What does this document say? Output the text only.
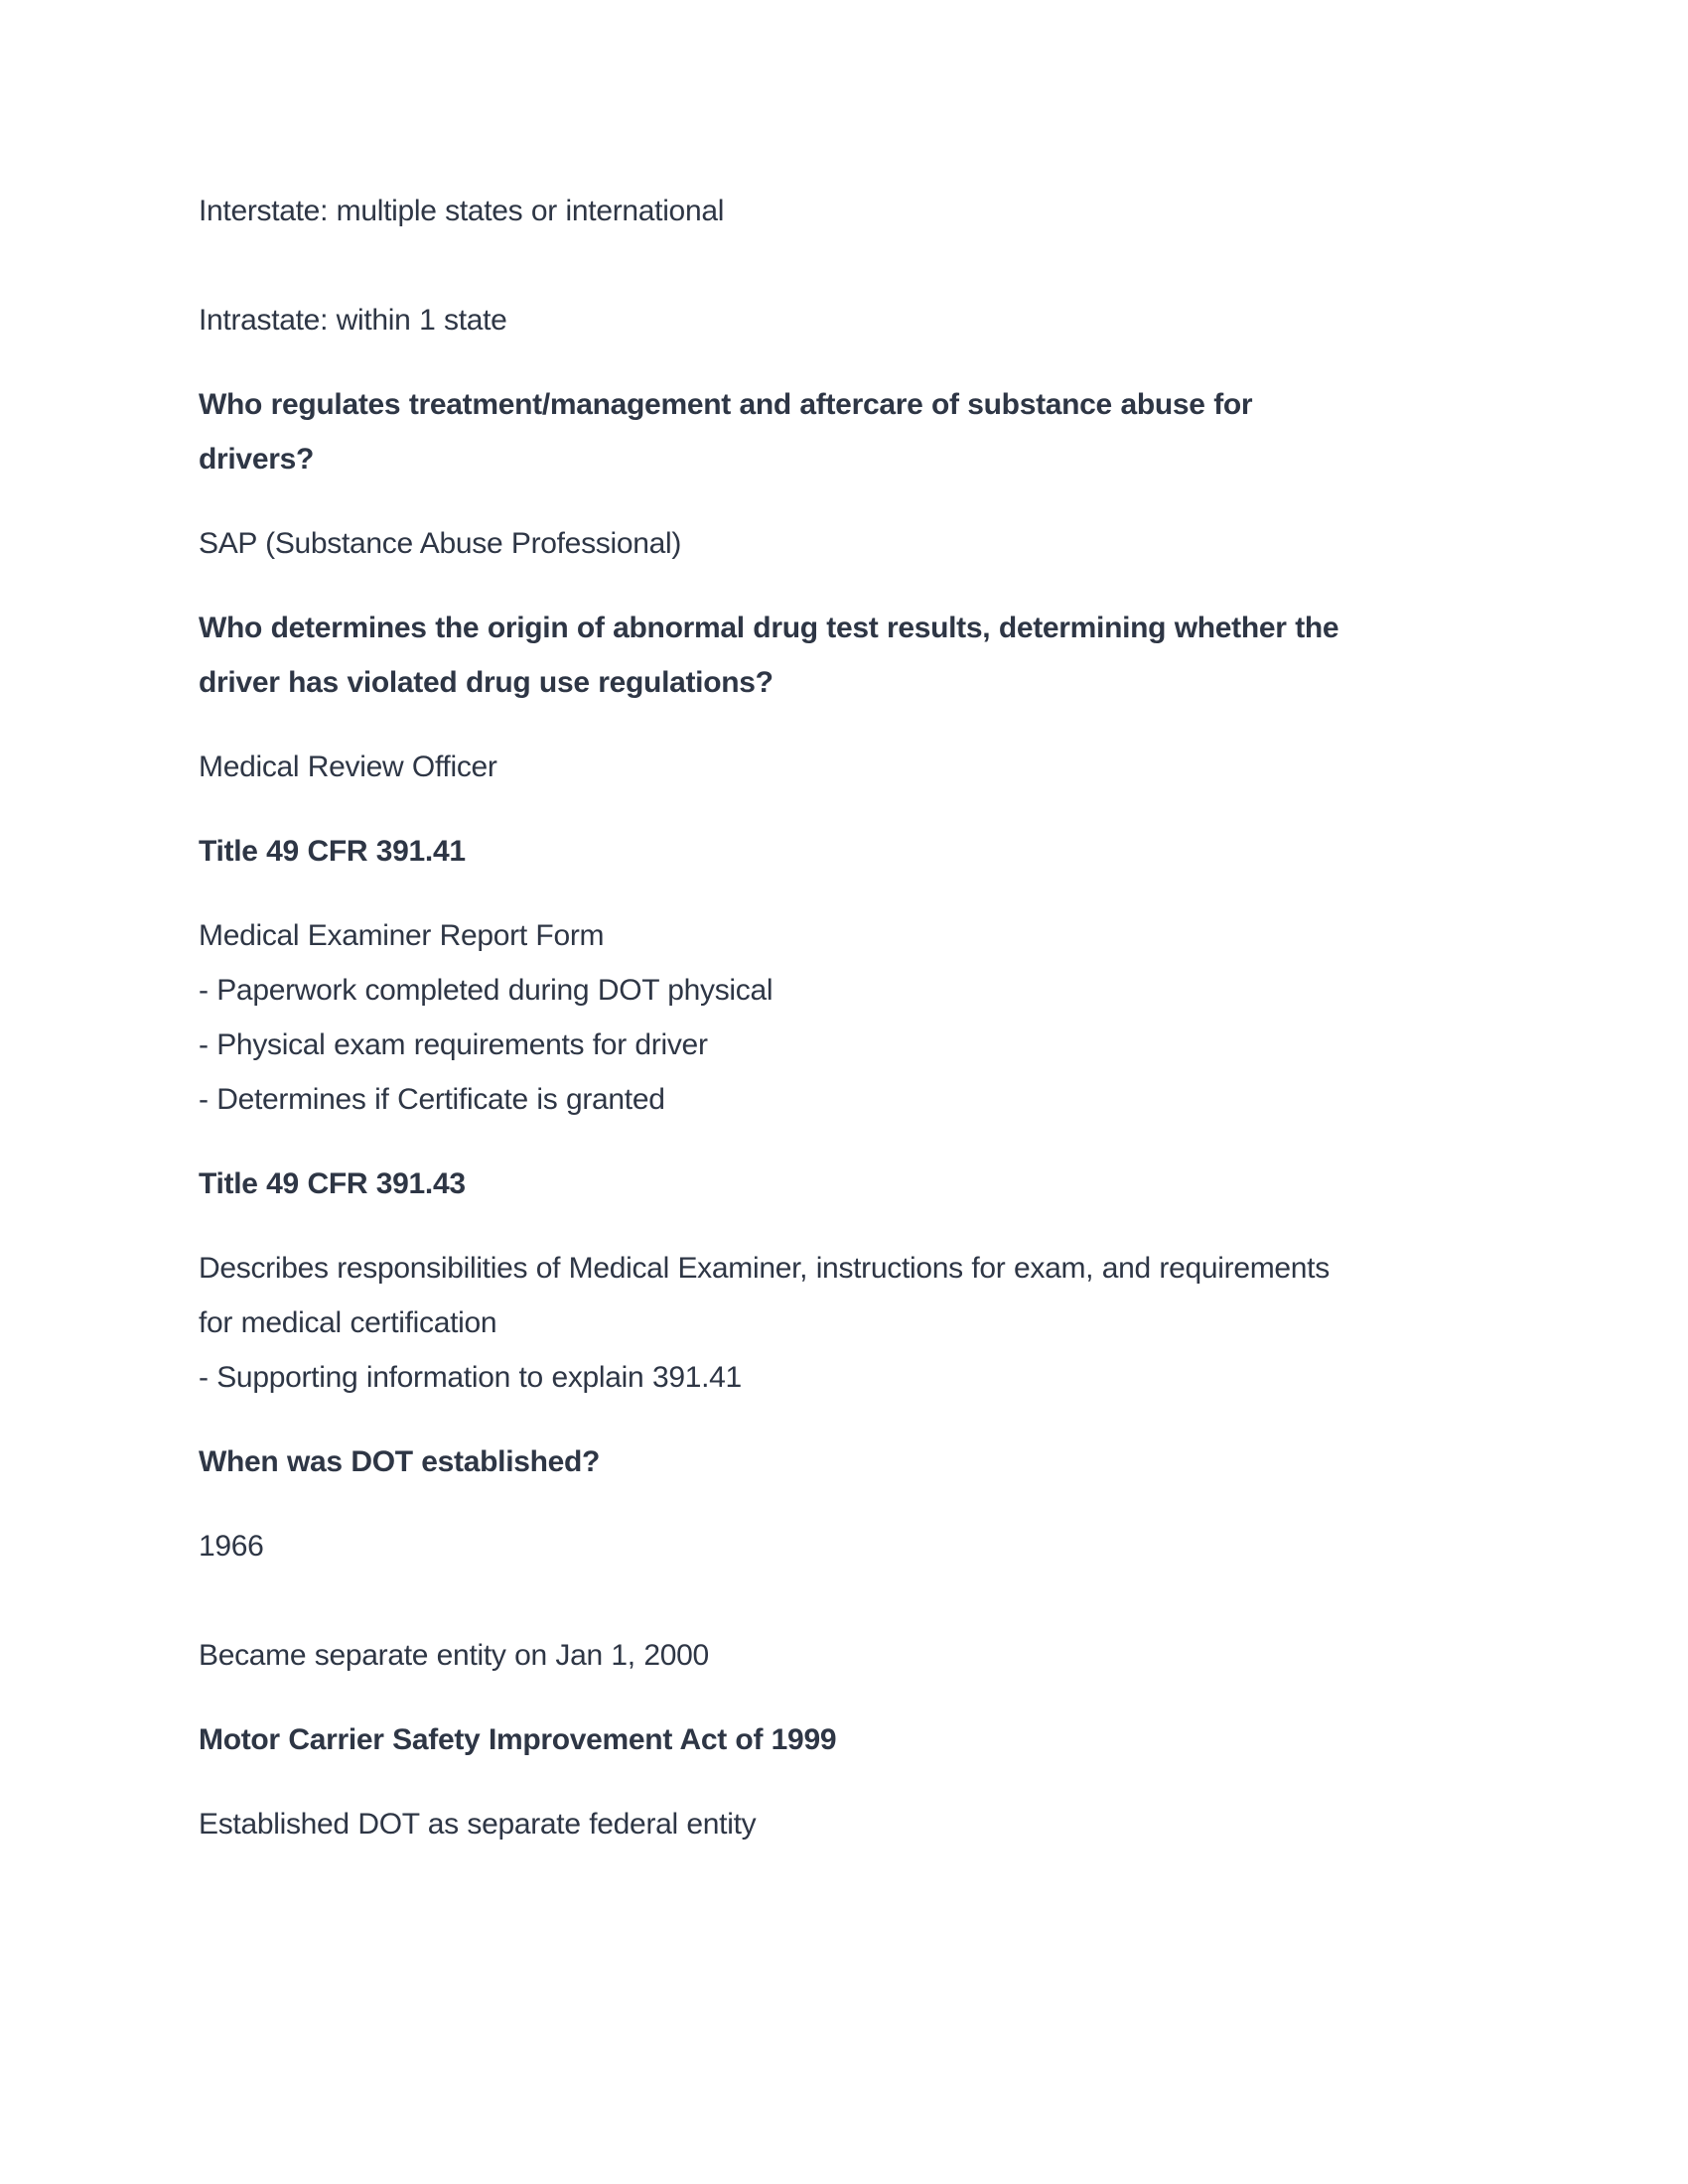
Interstate: multiple states or international

Intrastate: within 1 state

Who regulates treatment/management and aftercare of substance abuse for drivers?

SAP (Substance Abuse Professional)

Who determines the origin of abnormal drug test results, determining whether the driver has violated drug use regulations?

Medical Review Officer

Title 49 CFR 391.41

Medical Examiner Report Form
- Paperwork completed during DOT physical
- Physical exam requirements for driver
- Determines if Certificate is granted

Title 49 CFR 391.43

Describes responsibilities of Medical Examiner, instructions for exam, and requirements for medical certification
- Supporting information to explain 391.41

When was DOT established?

1966

Became separate entity on Jan 1, 2000

Motor Carrier Safety Improvement Act of 1999

Established DOT as separate federal entity
